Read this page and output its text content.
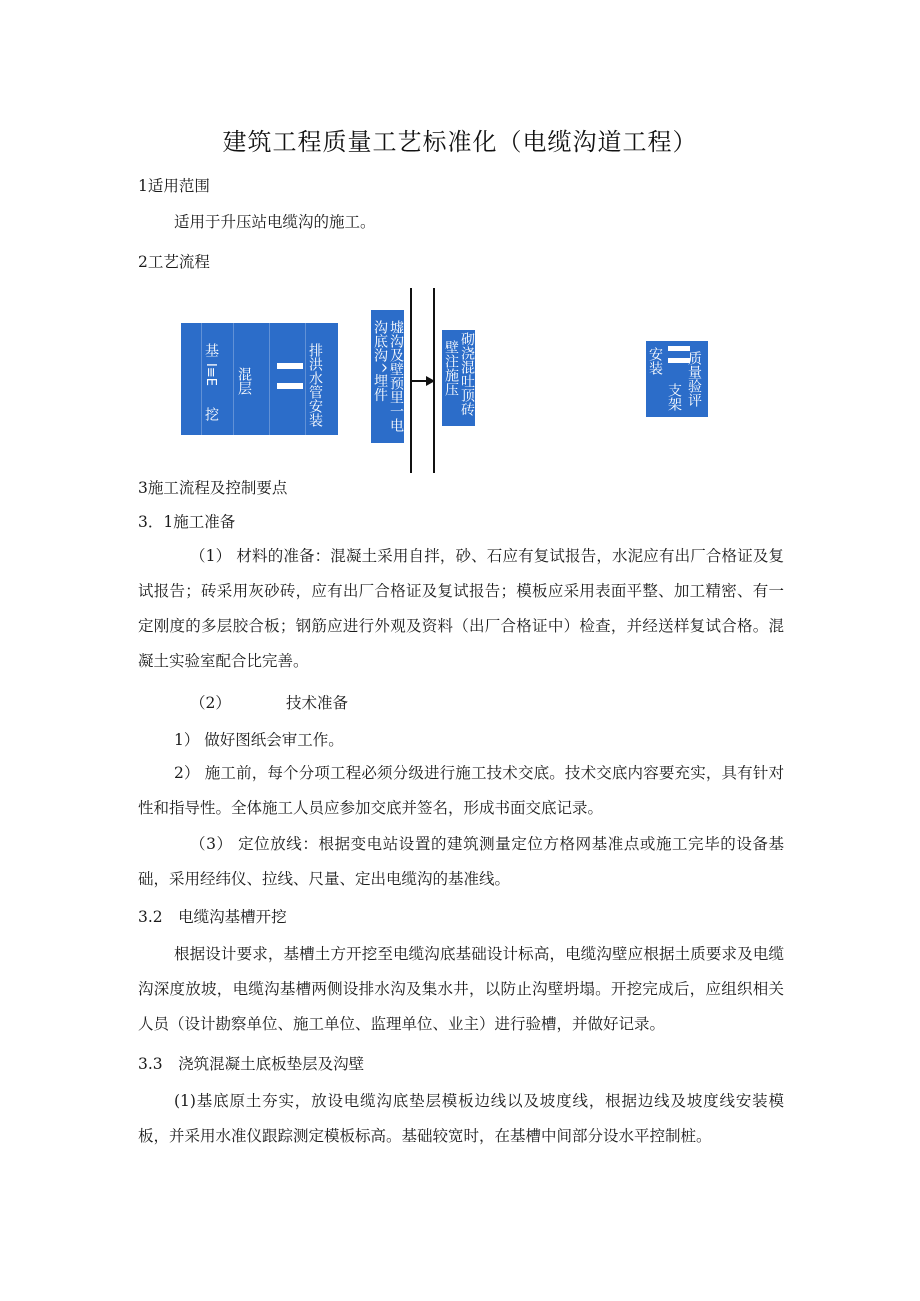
建筑工程质量工艺标准化（电缆沟道工程）
1适用范围
适用于升压站电缆沟的施工。
2工艺流程
基
I≡E
挖
混层	排洪水管安装	沟底沟^埋件 墟沟及壁预里一电	壁注施压 砌浇混吐顶砖	安装
支架 质量验评
3施工流程及控制要点
3．1施工准备
（1） 材料的准备：混凝土采用自拌，砂、石应有复试报告，水泥应有出厂合格证及复试报告；砖采用灰砂砖，应有出厂合格证及复试报告；模板应采用表面平整、加工精密、有一定刚度的多层胶合板；钢筋应进行外观及资料（出厂合格证中）检查，并经送样复试合格。混凝土实验室配合比完善。
（2）	技术准备
1） 做好图纸会审工作。
2） 施工前，每个分项工程必须分级进行施工技术交底。技术交底内容要充实，具有针对性和指导性。全体施工人员应参加交底并签名，形成书面交底记录。
（3） 定位放线：根据变电站设置的建筑测量定位方格网基准点或施工完毕的设备基础，采用经纬仪、拉线、尺量、定出电缆沟的基准线。
3.2　电缆沟基槽开挖
根据设计要求，基槽土方开挖至电缆沟底基础设计标高，电缆沟壁应根据土质要求及电缆沟深度放坡，电缆沟基槽两侧设排水沟及集水井，以防止沟壁坍塌。开挖完成后，应组织相关人员（设计勘察单位、施工单位、监理单位、业主）进行验槽，并做好记录。
3.3　浇筑混凝土底板垫层及沟壁
(1)基底原土夯实，放设电缆沟底垫层模板边线以及坡度线，根据边线及坡度线安装模板，并采用水准仪跟踪测定模板标高。基础较宽时，在基槽中间部分设水平控制桩。
